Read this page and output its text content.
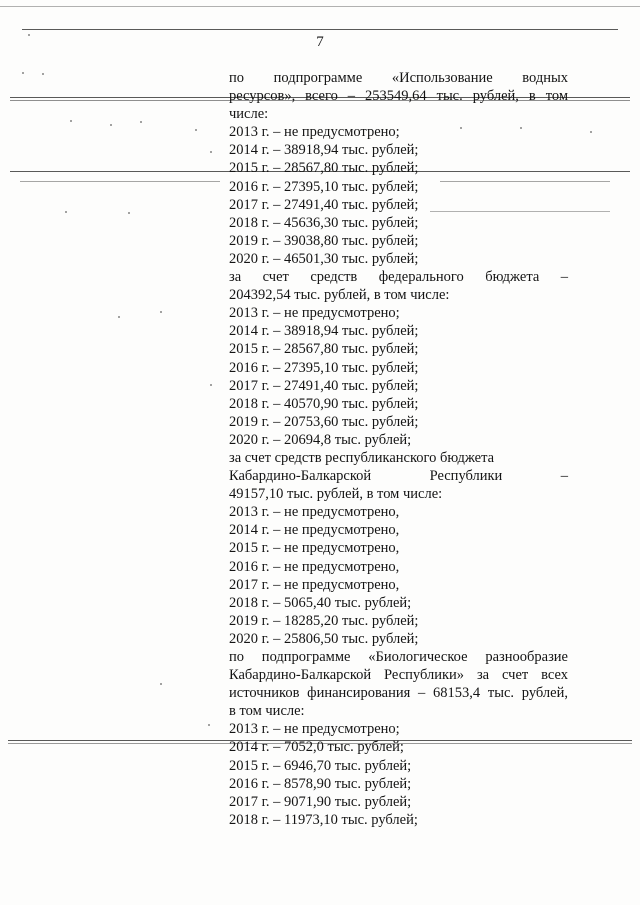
7
по подпрограмме «Использование водных
ресурсов», всего – 253549,64 тыс. рублей, в том
числе:
2013 г. – не предусмотрено;
2014 г. – 38918,94 тыс. рублей;
2015 г. – 28567,80 тыс. рублей;
2016 г. – 27395,10 тыс. рублей;
2017 г. – 27491,40 тыс. рублей;
2018 г. – 45636,30 тыс. рублей;
2019 г. – 39038,80 тыс. рублей;
2020 г. – 46501,30 тыс. рублей;
за счет средств федерального бюджета –
204392,54 тыс. рублей, в том числе:
2013 г. – не предусмотрено;
2014 г. – 38918,94 тыс. рублей;
2015 г. – 28567,80 тыс. рублей;
2016 г. – 27395,10 тыс. рублей;
2017 г. – 27491,40 тыс. рублей;
2018 г. – 40570,90 тыс. рублей;
2019 г. – 20753,60 тыс. рублей;
2020 г. – 20694,8 тыс. рублей;
за счет средств республиканского бюджета
Кабардино-Балкарской Республики –
49157,10 тыс. рублей, в том числе:
2013 г. – не предусмотрено,
2014 г. – не предусмотрено,
2015 г. – не предусмотрено,
2016 г. – не предусмотрено,
2017 г. – не предусмотрено,
2018 г. – 5065,40 тыс. рублей;
2019 г. – 18285,20 тыс. рублей;
2020 г. – 25806,50 тыс. рублей;
по подпрограмме «Биологическое разнообразие
Кабардино-Балкарской Республики» за счет всех
источников финансирования – 68153,4 тыс. рублей,
в том числе:
2013 г. – не предусмотрено;
2014 г. – 7052,0 тыс. рублей;
2015 г. – 6946,70 тыс. рублей;
2016 г. – 8578,90 тыс. рублей;
2017 г. – 9071,90 тыс. рублей;
2018 г. – 11973,10 тыс. рублей;
